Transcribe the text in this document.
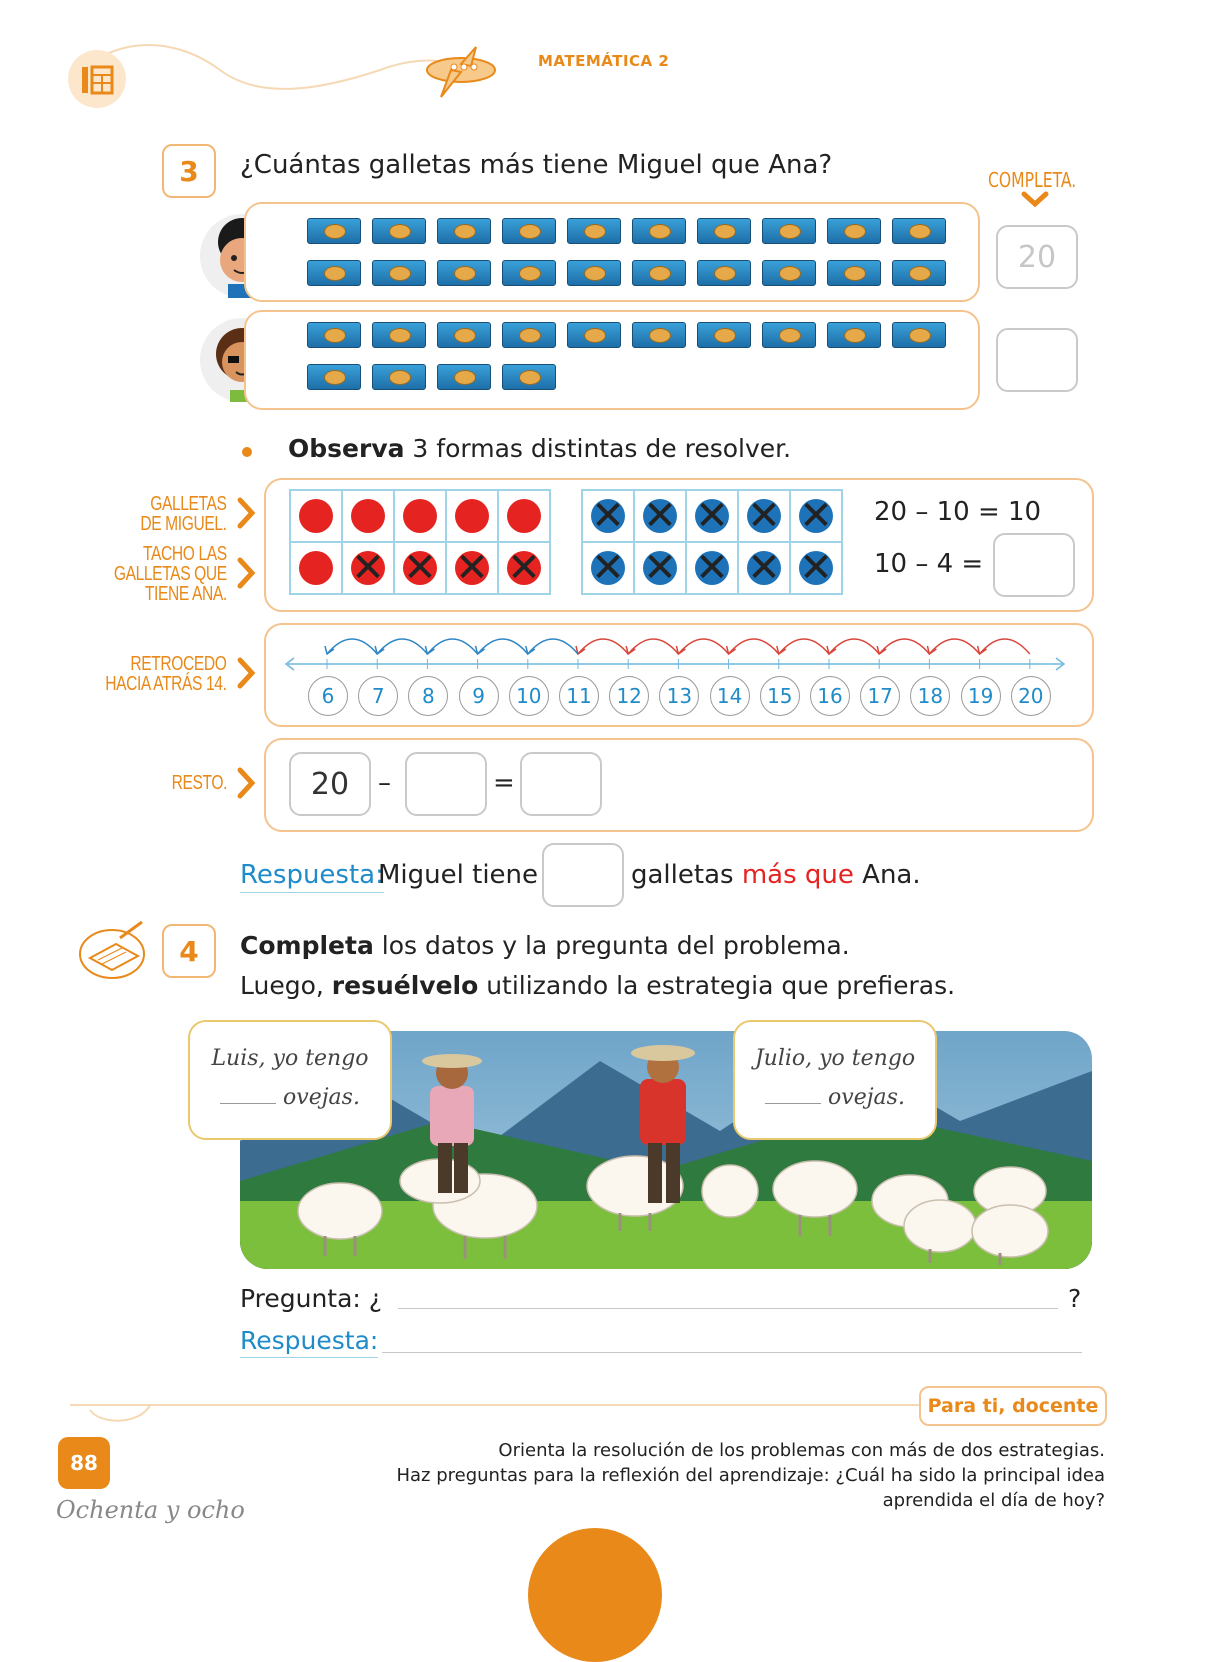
MATEMÁTICA 2
3	¿Cuántas galletas más tiene Miguel que Ana?	COMPLETA.
20
Observa 3 formas distintas de resolver.
GALLETAS
DE MIGUEL.
TACHO LAS
GALLETAS QUE
TIENE ANA.
✕ ✕ ✕ ✕
✕ ✕ ✕ ✕ ✕
✕ ✕ ✕ ✕ ✕
20 – 10 = 10
10 – 4 =
RETROCEDO
HACIA ATRÁS 14.	6	7	8	9	10	11	12	13	14	15	16	17	18	19	20
RESTO.	20 –	=
Respuesta:
Miguel tiene	galletas más que Ana.
4	Completa los datos y la pregunta del problema.
Luego, resuélvelo utilizando la estrategia que prefieras.
Luis, yo tengo
ovejas.
Julio, yo tengo
ovejas.
Pregunta: ¿	?
Respuesta:
Para ti, docente
88
Ochenta y ocho
Orienta la resolución de los problemas con más de dos estrategias.
Haz preguntas para la reflexión del aprendizaje: ¿Cuál ha sido la principal idea
aprendida el día de hoy?
